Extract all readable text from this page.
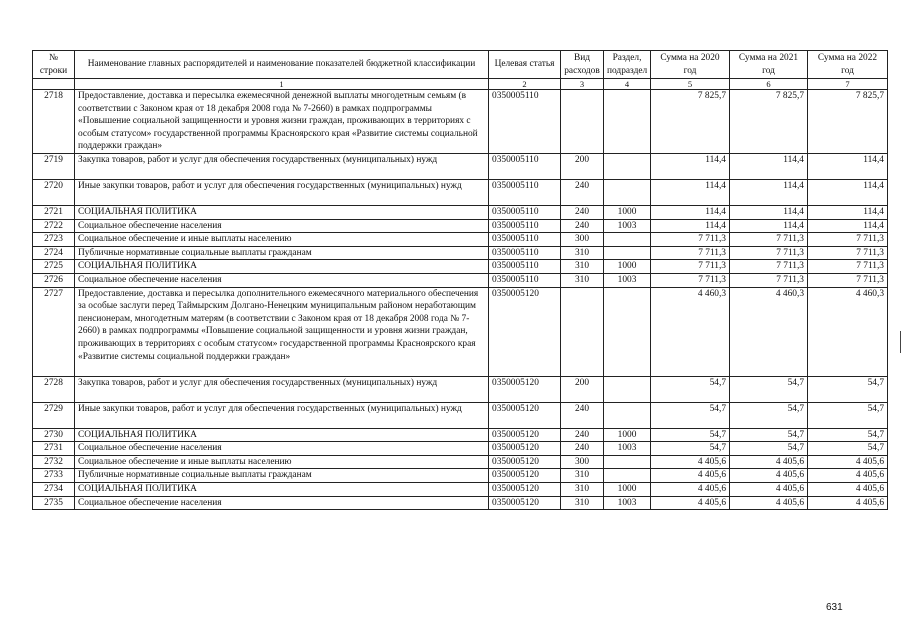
№ строки	Наименование главных распорядителей и наименование показателей бюджетной классификации	Целевая статья	Вид расходов	Раздел, подраздел	Сумма на 2020 год	Сумма на 2021 год	Сумма на 2022 год
	1	2	3	4	5	6	7
2718	Предоставление, доставка и пересылка ежемесячной денежной выплаты многодетным семьям (в соответствии с Законом края от 18 декабря 2008 года № 7-2660) в рамках подпрограммы «Повышение социальной защищенности и уровня жизни граждан, проживающих в территориях с особым статусом» государственной программы Красноярского края «Развитие системы социальной поддержки граждан»	0350005110			7 825,7	7 825,7	7 825,7
2719	Закупка товаров, работ и услуг для обеспечения государственных (муниципальных) нужд	0350005110	200		114,4	114,4	114,4
2720	Иные закупки товаров, работ и услуг для обеспечения государственных (муниципальных) нужд	0350005110	240		114,4	114,4	114,4
2721	СОЦИАЛЬНАЯ ПОЛИТИКА	0350005110	240	1000	114,4	114,4	114,4
2722	Социальное обеспечение населения	0350005110	240	1003	114,4	114,4	114,4
2723	Социальное обеспечение и иные выплаты населению	0350005110	300		7 711,3	7 711,3	7 711,3
2724	Публичные нормативные социальные выплаты гражданам	0350005110	310		7 711,3	7 711,3	7 711,3
2725	СОЦИАЛЬНАЯ ПОЛИТИКА	0350005110	310	1000	7 711,3	7 711,3	7 711,3
2726	Социальное обеспечение населения	0350005110	310	1003	7 711,3	7 711,3	7 711,3
2727	Предоставление, доставка и пересылка дополнительного ежемесячного материального обеспечения за особые заслуги перед Таймырским Долгано-Ненецким муниципальным районом неработающим пенсионерам, многодетным матерям (в соответствии с Законом края от 18 декабря 2008 года № 7-2660) в рамках подпрограммы «Повышение социальной защищенности и уровня жизни граждан, проживающих в территориях с особым статусом» государственной программы Красноярского края «Развитие системы социальной поддержки граждан»	0350005120			4 460,3	4 460,3	4 460,3
2728	Закупка товаров, работ и услуг для обеспечения государственных (муниципальных) нужд	0350005120	200		54,7	54,7	54,7
2729	Иные закупки товаров, работ и услуг для обеспечения государственных (муниципальных) нужд	0350005120	240		54,7	54,7	54,7
2730	СОЦИАЛЬНАЯ ПОЛИТИКА	0350005120	240	1000	54,7	54,7	54,7
2731	Социальное обеспечение населения	0350005120	240	1003	54,7	54,7	54,7
2732	Социальное обеспечение и иные выплаты населению	0350005120	300		4 405,6	4 405,6	4 405,6
2733	Публичные нормативные социальные выплаты гражданам	0350005120	310		4 405,6	4 405,6	4 405,6
2734	СОЦИАЛЬНАЯ ПОЛИТИКА	0350005120	310	1000	4 405,6	4 405,6	4 405,6
2735	Социальное обеспечение населения	0350005120	310	1003	4 405,6	4 405,6	4 405,6
631
